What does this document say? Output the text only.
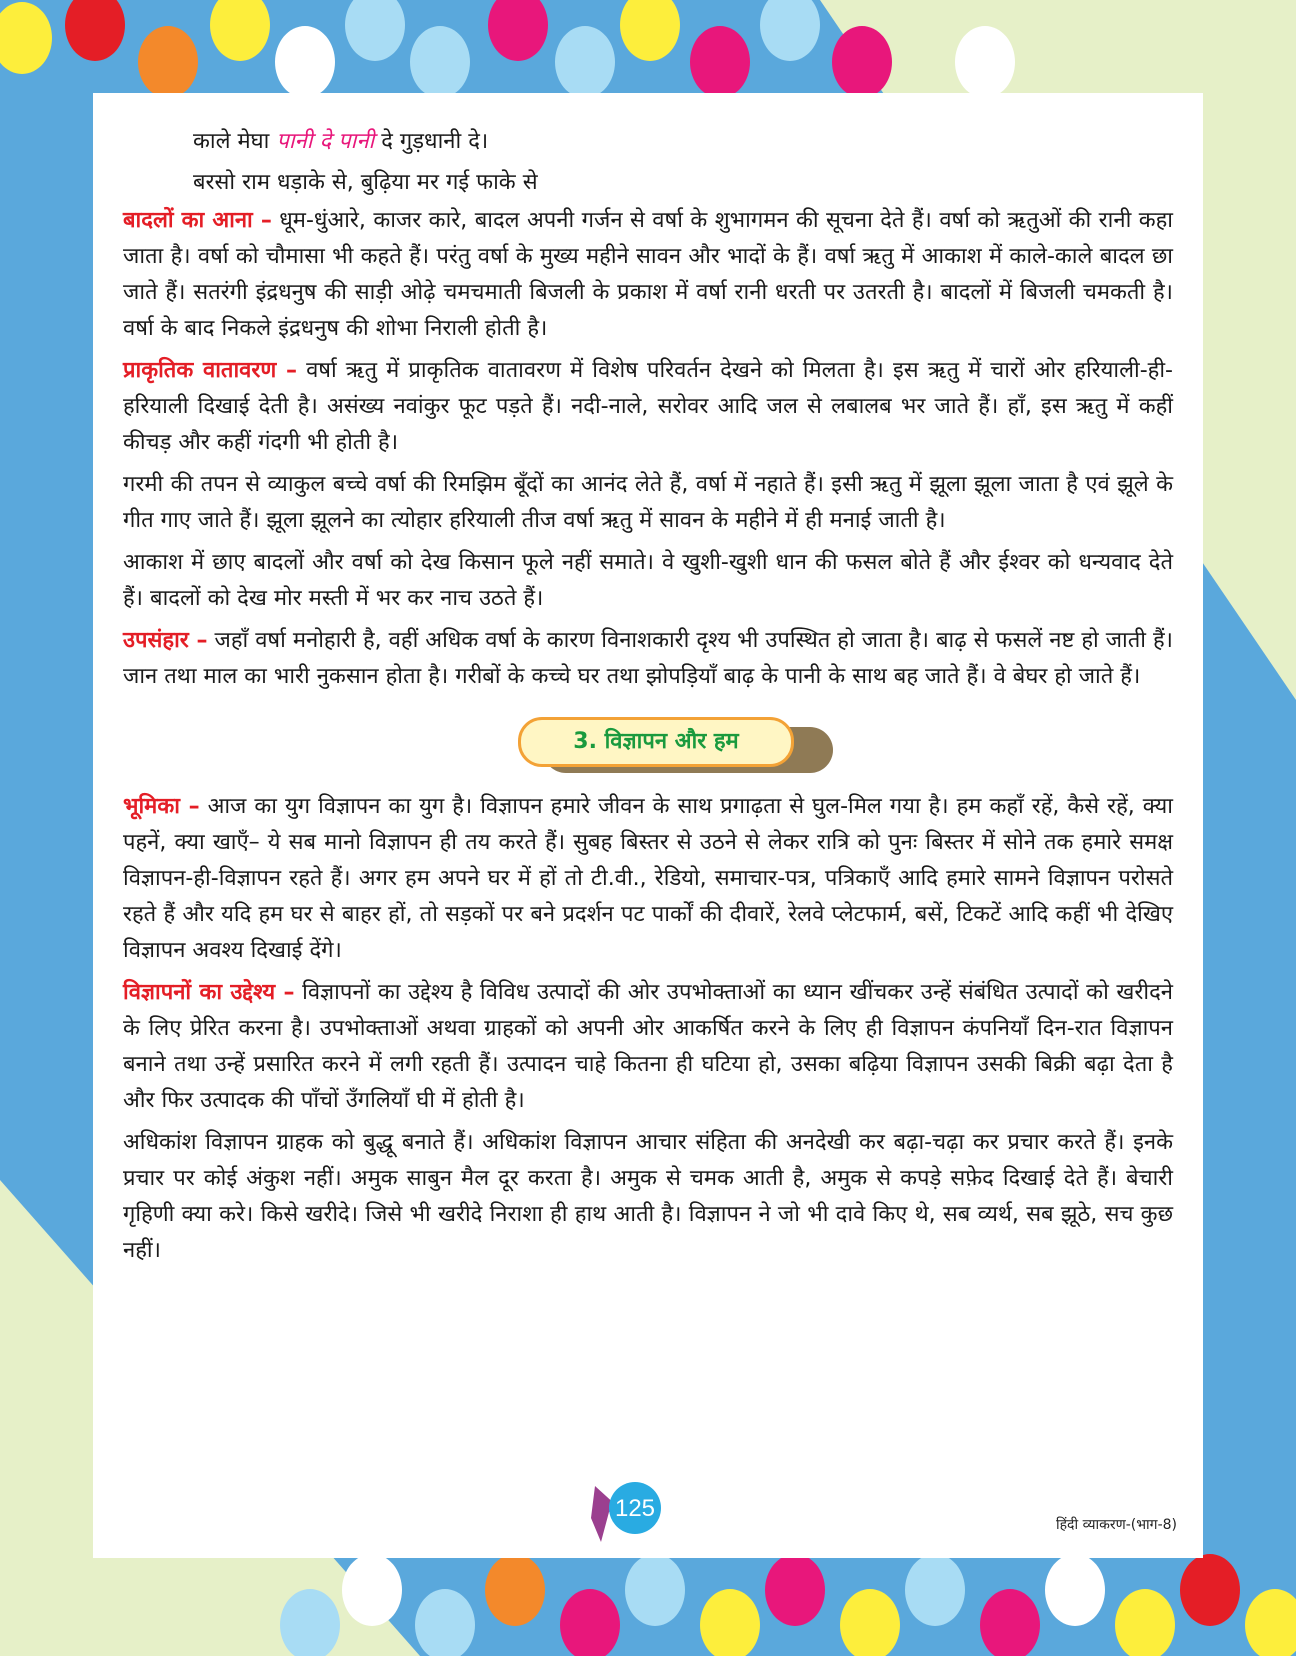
काले मेघा पानी दे पानी दे गुड़धानी दे।
बरसो राम धड़ाके से, बुढ़िया मर गई फाके से

बादलों का आना – धूम-धुंआरे, काजर कारे, बादल अपनी गर्जन से वर्षा के शुभागमन की सूचना देते हैं। वर्षा को ऋतुओं की रानी कहा जाता है। वर्षा को चौमासा भी कहते हैं। परंतु वर्षा के मुख्य महीने सावन और भादों के हैं। वर्षा ऋतु में आकाश में काले-काले बादल छा जाते हैं। सतरंगी इंद्रधनुष की साड़ी ओढ़े चमचमाती बिजली के प्रकाश में वर्षा रानी धरती पर उतरती है। बादलों में बिजली चमकती है। वर्षा के बाद निकले इंद्रधनुष की शोभा निराली होती है।

प्राकृतिक वातावरण – वर्षा ऋतु में प्राकृतिक वातावरण में विशेष परिवर्तन देखने को मिलता है। इस ऋतु में चारों ओर हरियाली-ही-हरियाली दिखाई देती है। असंख्य नवांकुर फूट पड़ते हैं। नदी-नाले, सरोवर आदि जल से लबालब भर जाते हैं। हाँ, इस ऋतु में कहीं कीचड़ और कहीं गंदगी भी होती है।

गरमी की तपन से व्याकुल बच्चे वर्षा की रिमझिम बूँदों का आनंद लेते हैं, वर्षा में नहाते हैं। इसी ऋतु में झूला झूला जाता है एवं झूले के गीत गाए जाते हैं। झूला झूलने का त्योहार हरियाली तीज वर्षा ऋतु में सावन के महीने में ही मनाई जाती है।

आकाश में छाए बादलों और वर्षा को देख किसान फूले नहीं समाते। वे खुशी-खुशी धान की फसल बोते हैं और ईश्वर को धन्यवाद देते हैं। बादलों को देख मोर मस्ती में भर कर नाच उठते हैं।

उपसंहार – जहाँ वर्षा मनोहारी है, वहीं अधिक वर्षा के कारण विनाशकारी दृश्य भी उपस्थित हो जाता है। बाढ़ से फसलें नष्ट हो जाती हैं। जान तथा माल का भारी नुकसान होता है। गरीबों के कच्चे घर तथा झोपड़ियाँ बाढ़ के पानी के साथ बह जाते हैं। वे बेघर हो जाते हैं।

3. विज्ञापन और हम

भूमिका – आज का युग विज्ञापन का युग है। विज्ञापन हमारे जीवन के साथ प्रगाढ़ता से घुल-मिल गया है। हम कहाँ रहें, कैसे रहें, क्या पहनें, क्या खाएँ– ये सब मानो विज्ञापन ही तय करते हैं। सुबह बिस्तर से उठने से लेकर रात्रि को पुनः बिस्तर में सोने तक हमारे समक्ष विज्ञापन-ही-विज्ञापन रहते हैं। अगर हम अपने घर में हों तो टी.वी., रेडियो, समाचार-पत्र, पत्रिकाएँ आदि हमारे सामने विज्ञापन परोसते रहते हैं और यदि हम घर से बाहर हों, तो सड़कों पर बने प्रदर्शन पट पार्कों की दीवारें, रेलवे प्लेटफार्म, बसें, टिकटें आदि कहीं भी देखिए विज्ञापन अवश्य दिखाई देंगे।

विज्ञापनों का उद्देश्य – विज्ञापनों का उद्देश्य है विविध उत्पादों की ओर उपभोक्ताओं का ध्यान खींचकर उन्हें संबंधित उत्पादों को खरीदने के लिए प्रेरित करना है। उपभोक्ताओं अथवा ग्राहकों को अपनी ओर आकर्षित करने के लिए ही विज्ञापन कंपनियाँ दिन-रात विज्ञापन बनाने तथा उन्हें प्रसारित करने में लगी रहती हैं। उत्पादन चाहे कितना ही घटिया हो, उसका बढ़िया विज्ञापन उसकी बिक्री बढ़ा देता है और फिर उत्पादक की पाँचों उँगलियाँ घी में होती है।

अधिकांश विज्ञापन ग्राहक को बुद्धू बनाते हैं। अधिकांश विज्ञापन आचार संहिता की अनदेखी कर बढ़ा-चढ़ा कर प्रचार करते हैं। इनके प्रचार पर कोई अंकुश नहीं। अमुक साबुन मैल दूर करता है। अमुक से चमक आती है, अमुक से कपड़े सफ़ेद दिखाई देते हैं। बेचारी गृहिणी क्या करे। किसे खरीदे। जिसे भी खरीदे निराशा ही हाथ आती है। विज्ञापन ने जो भी दावे किए थे, सब व्यर्थ, सब झूठे, सच कुछ नहीं।

125
हिंदी व्याकरण-(भाग-8)
